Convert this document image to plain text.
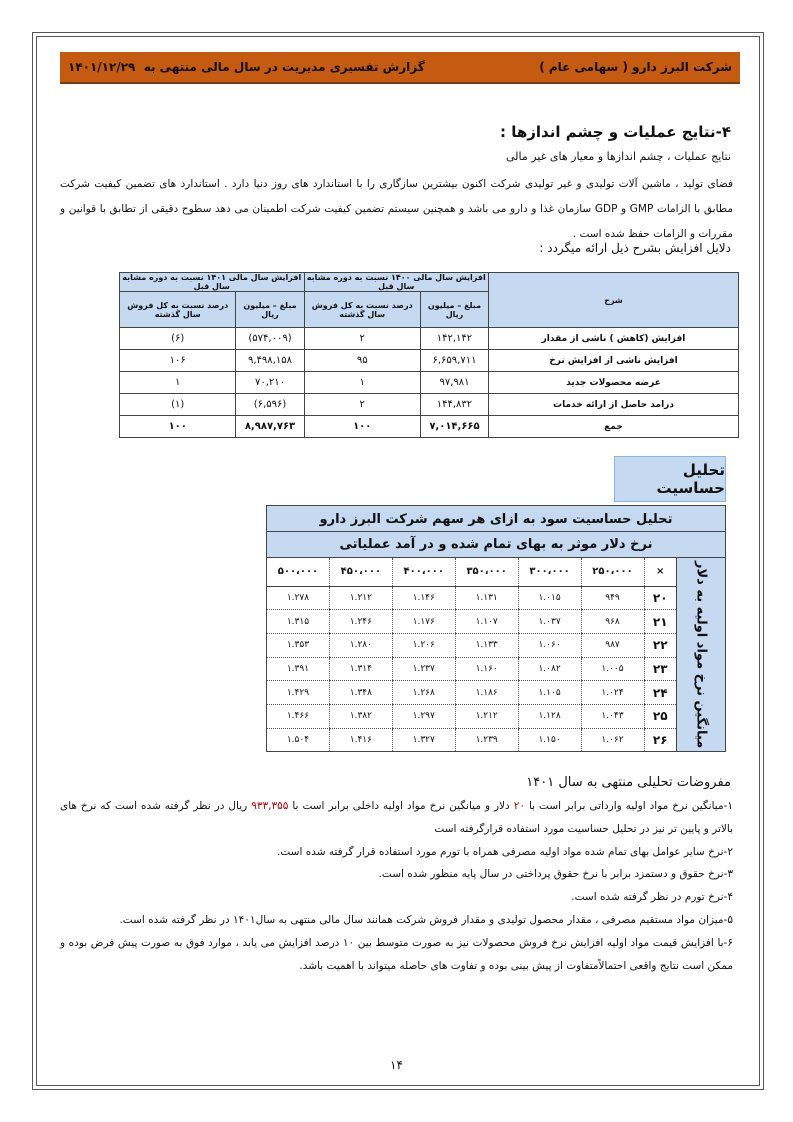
شرکت البرز دارو ( سهامی عام )
گزارش تفسیری مدیریت در سال مالی منتهی به  ۱۴۰۱/۱۲/۲۹
۴-نتایج عملیات و چشم اندازها :
نتایج عملیات ، چشم اندازها و معیار های غیر مالی
فضای تولید ، ماشین آلات تولیدی و غیر تولیدی شرکت اکنون بیشترین سازگاری را با استاندارد های روز دنیا دارد . استاندارد های تضمین کیفیت شرکت مطابق با الزامات GMP و GDP سازمان غذا و دارو می باشد و همچنین سیستم تضمین کیفیت شرکت اطمینان می دهد سطوح دقیقی از تطابق با قوانین و مقررات و الزامات حفظ شده است .
دلایل افزایش بشرح ذیل ارائه میگردد :
شرح	افزایش سال مالی ۱۴۰۰ نسبت به دوره مشابه سال قبل		افزایش سال مالی ۱۴۰۱ نسبت به دوره مشابه سال قبل	
	مبلغ – میلیون ریال	درصد نسبت به کل فروش سال گذشته	مبلغ – میلیون ریال	درصد نسبت به کل فروش سال گذشته
افزایش (کاهش ) ناشی از مقدار	۱۴۲,۱۴۲	۲	(۵۷۴,۰۰۹)	(۶)
افزایش ناشی از افزایش نرخ	۶,۶۵۹,۷۱۱	۹۵	۹,۴۹۸,۱۵۸	۱۰۶
عرضه محصولات جدید	۹۷,۹۸۱	۱	۷۰,۲۱۰	۱
درامد حاصل از ارائه خدمات	۱۴۴,۸۳۲	۲	(۶,۵۹۶)	(۱)
جمع	۷,۰۱۴,۶۶۵	۱۰۰	۸,۹۸۷,۷۶۳	۱۰۰
تحلیل حساسیت
تحلیل حساسیت سود به ازای هر سهم شرکت البرز دارو
نرخ دلار موثر به بهای تمام شده و در آمد عملیاتی
۵۰۰،۰۰۰	۴۵۰،۰۰۰	۴۰۰،۰۰۰	۳۵۰،۰۰۰	۳۰۰،۰۰۰	۲۵۰،۰۰۰	×
۱.۲۷۸	۱.۲۱۲	۱.۱۴۶	۱.۱۳۱	۱.۰۱۵	۹۴۹	۲۰
۱.۳۱۵	۱.۲۴۶	۱.۱۷۶	۱.۱۰۷	۱.۰۳۷	۹۶۸	۲۱
۱.۳۵۳	۱.۲۸۰	۱.۲۰۶	۱.۱۳۳	۱.۰۶۰	۹۸۷	۲۲
۱.۳۹۱	۱.۳۱۴	۱.۲۳۷	۱.۱۶۰	۱.۰۸۲	۱.۰۰۵	۲۳
۱.۴۲۹	۱.۳۴۸	۱.۲۶۸	۱.۱۸۶	۱.۱۰۵	۱.۰۲۴	۲۴
۱.۴۶۶	۱.۳۸۲	۱.۲۹۷	۱.۲۱۲	۱.۱۲۸	۱.۰۴۳	۲۵
۱.۵۰۴	۱.۴۱۶	۱.۳۲۷	۱.۲۳۹	۱.۱۵۰	۱.۰۶۲	۲۶ میانگین نرخ مواد اولیه به دلار
مفروضات تحلیلی منتهی به سال ۱۴۰۱
۱-میانگین نرخ مواد اولیه وارداتی برابر است با ۲۰ دلار و میانگین نرخ مواد اولیه داخلی برابر است با ۹۳۳,۳۵۵ ریال در نظر گرفته شده است که نرخ های بالاتر و پایین تر نیز در تحلیل حساسیت مورد استفاده قرارگرفته است
۲-نرخ سایر عوامل بهای تمام شده مواد اولیه مصرفی همراه با تورم مورد استفاده قرار گرفته شده است.
۳-نرخ حقوق و دستمزد برابر با نرخ حقوق پرداختی در سال پایه منظور شده است.
۴-نرخ تورم در نظر گرفته شده است.
۵-میزان مواد مستقیم مصرفی ، مقدار محصول تولیدی و مقدار فروش شرکت همانند سال مالی منتهی به سال۱۴۰۱ در نظر گرفته شده است.
۶-با افزایش قیمت مواد اولیه افزایش نرخ فروش محصولات نیز به صورت متوسط بین ۱۰ درصد افزایش می یابد ، موارد فوق به صورت پیش فرض بوده و ممکن است نتایج واقعی احتمالاًمتفاوت از پیش بینی بوده و تفاوت های حاصله میتواند با اهمیت باشد.
۱۴
